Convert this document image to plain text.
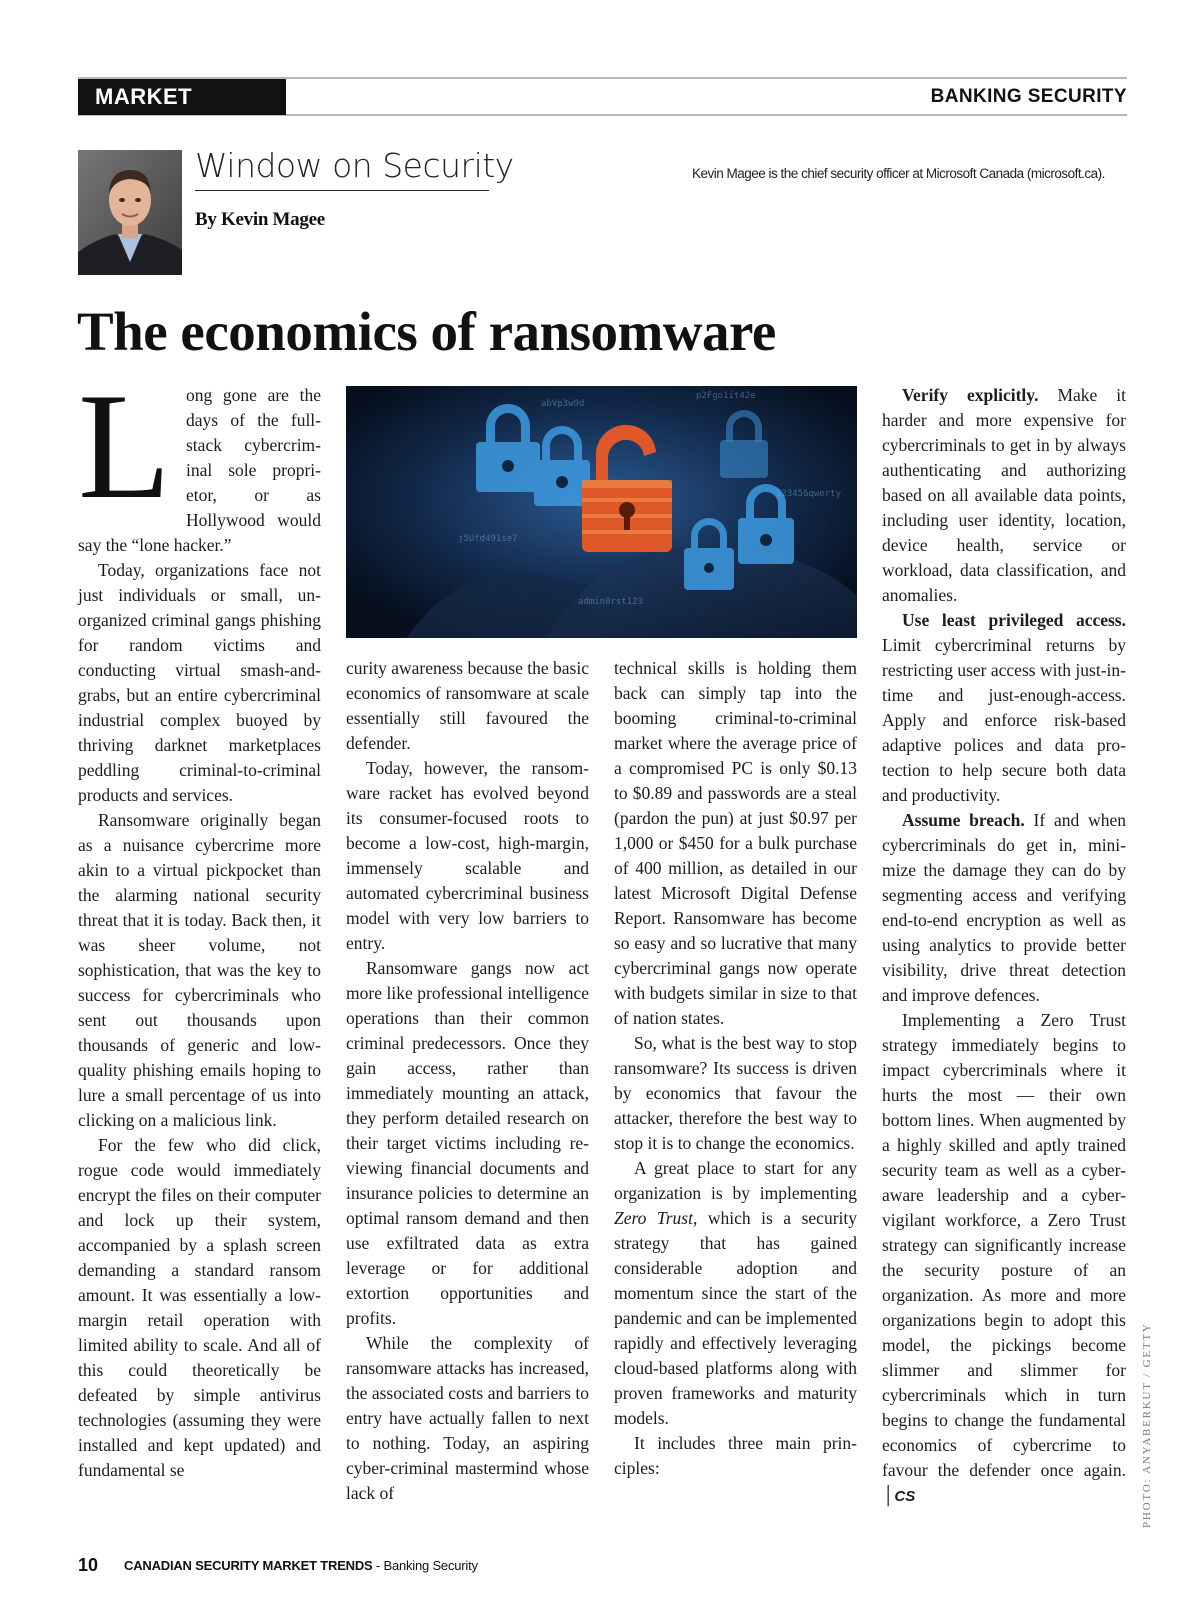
MARKET TRENDS
BANKING SECURITY
Window on Security
By Kevin Magee
Kevin Magee is the chief security officer at Microsoft Canada (microsoft.ca).
The economics of ransomware

Long gone are the days of the full-stack cybercriminal sole proprietor, or as Hollywood would say the “lone hacker.”

Today, organizations face not just individuals or small, unorganized criminal gangs phishing for random victims and conducting virtual smash-and-grabs, but an entire cybercriminal industrial complex buoyed by thriving darknet marketplaces peddling criminal-to-criminal products and services.

Ransomware originally began as a nuisance cybercrime more akin to a virtual pickpocket than the alarming national security threat that it is today. Back then, it was sheer volume, not sophistication, that was the key to success for cybercriminals who sent out thousands upon thousands of generic and low-quality phishing emails hoping to lure a small percentage of us into clicking on a malicious link.

For the few who did click, rogue code would immediately encrypt the files on their computer and lock up their system, accompanied by a splash screen demanding a standard ransom amount. It was essentially a low-margin retail operation with limited ability to scale. And all of this could theoretically be defeated by simple antivirus technologies (assuming they were installed and kept updated) and fundamental se

p2Fgo1it42e
abVp3w9d
123456qwerty
j5Ufd491se7
admin0rst123

curity awareness because the basic economics of ransomware at scale essentially still favoured the defender.

Today, however, the ransomware racket has evolved beyond its consumer-focused roots to become a low-cost, high-margin, immensely scalable and automated cybercriminal business model with very low barriers to entry.

Ransomware gangs now act more like professional intelligence operations than their common criminal predecessors. Once they gain access, rather than immediately mounting an attack, they perform detailed research on their target victims including reviewing financial documents and insurance policies to determine an optimal ransom demand and then use exfiltrated data as extra leverage or for additional extortion opportunities and profits.

While the complexity of ransomware attacks has increased, the associated costs and barriers to entry have actually fallen to next to nothing. Today, an aspiring cyber-criminal mastermind whose lack of

technical skills is holding them back can simply tap into the booming criminal-to-criminal market where the average price of a compromised PC is only $0.13 to $0.89 and passwords are a steal (pardon the pun) at just $0.97 per 1,000 or $450 for a bulk purchase of 400 million, as detailed in our latest Microsoft Digital Defense Report. Ransomware has become so easy and so lucrative that many cybercriminal gangs now operate with budgets similar in size to that of nation states.

So, what is the best way to stop ransomware? Its success is driven by economics that favour the attacker, therefore the best way to stop it is to change the economics.

A great place to start for any organization is by implementing Zero Trust, which is a security strategy that has gained considerable adoption and momentum since the start of the pandemic and can be implemented rapidly and effectively leveraging cloud-based platforms along with proven frameworks and maturity models.

It includes three main principles:

Verify explicitly. Make it harder and more expensive for cybercriminals to get in by always authenticating and authorizing based on all available data points, including user identity, location, device health, service or workload, data classification, and anomalies.

Use least privileged access. Limit cybercriminal returns by restricting user access with just-in-time and just-enough-access. Apply and enforce risk-based adaptive polices and data protection to help secure both data and productivity.

Assume breach. If and when cybercriminals do get in, minimize the damage they can do by segmenting access and verifying end-to-end encryption as well as using analytics to provide better visibility, drive threat detection and improve defences.

Implementing a Zero Trust strategy immediately begins to impact cybercriminals where it hurts the most — their own bottom lines. When augmented by a highly skilled and aptly trained security team as well as a cyber-aware leadership and a cyber-vigilant workforce, a Zero Trust strategy can significantly increase the security posture of an organization. As more and more organizations begin to adopt this model, the pickings become slimmer and slimmer for cybercriminals which in turn begins to change the fundamental economics of cybercrime to favour the defender once again. │CS	PHOTO: ANYABERKUT / GETTY
10 CANADIAN SECURITY MARKET TRENDS - Banking Security
